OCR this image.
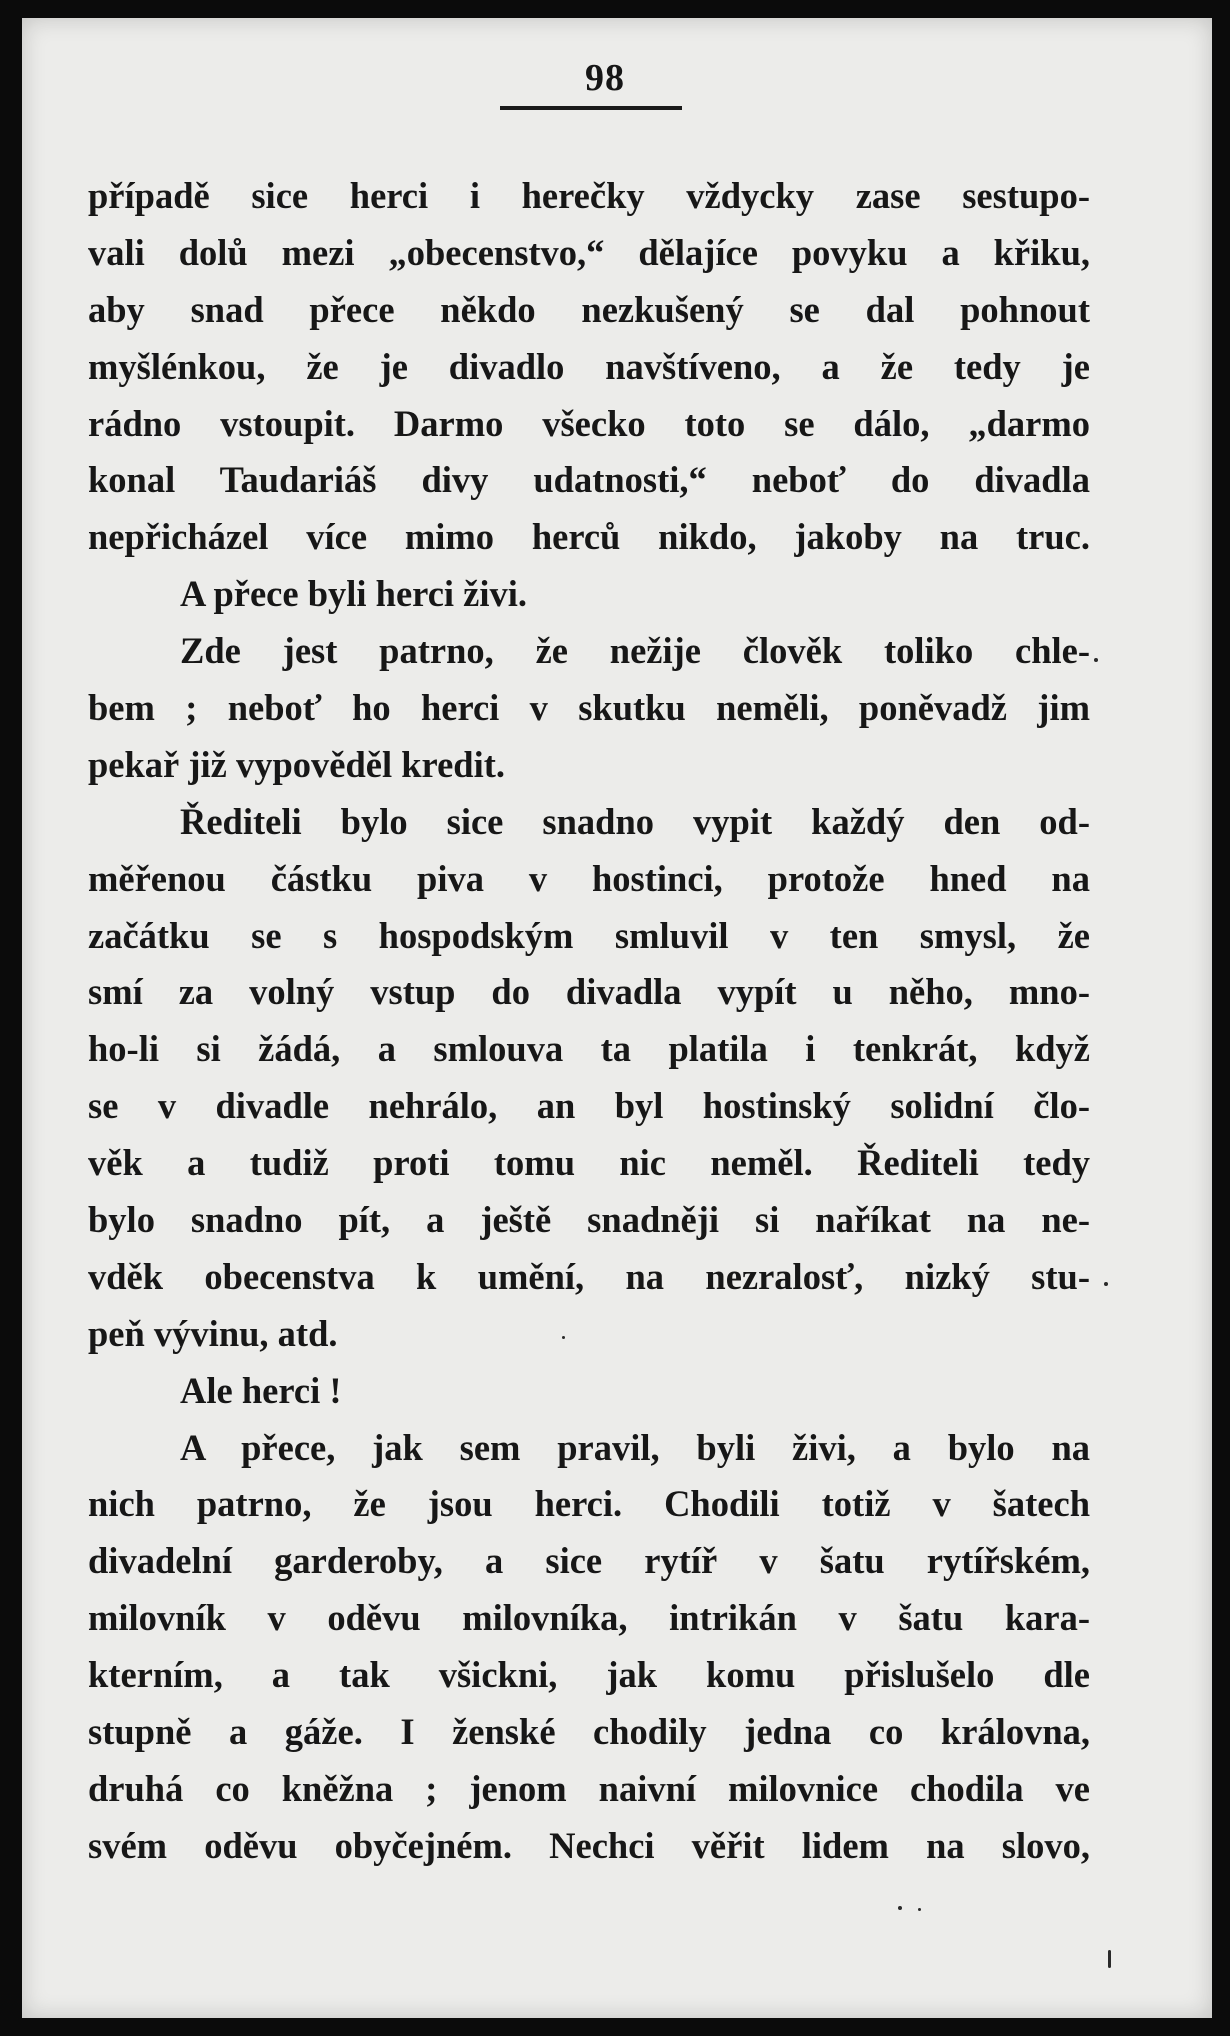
98
případě sice herci i herečky vždycky zase sestupo-
vali dolů mezi „obecenstvo,“ dělajíce povyku a křiku,
aby snad přece někdo nezkušený se dal pohnout
myšlénkou, že je divadlo navštíveno, a že tedy je
rádno vstoupit. Darmo všecko toto se dálo, „darmo
konal Taudariáš divy udatnosti,“ neboť do divadla
nepřicházel více mimo herců nikdo, jakoby na truc.
A přece byli herci živi.
Zde jest patrno, že nežije člověk toliko chle-
bem ; neboť ho herci v skutku neměli, poněvadž jim
pekař již vypověděl kredit.
Řediteli bylo sice snadno vypit každý den od-
měřenou částku piva v hostinci, protože hned na
začátku se s hospodským smluvil v ten smysl, že
smí za volný vstup do divadla vypít u něho, mno-
ho-li si žádá, a smlouva ta platila i tenkrát, když
se v divadle nehrálo, an byl hostinský solidní člo-
věk a tudiž proti tomu nic neměl. Řediteli tedy
bylo snadno pít, a ještě snadněji si naříkat na ne-
vděk obecenstva k umění, na nezralosť, nizký stu-
peň vývinu, atd.
Ale herci !
A přece, jak sem pravil, byli živi, a bylo na
nich patrno, že jsou herci. Chodili totiž v šatech
divadelní garderoby, a sice rytíř v šatu rytířském,
milovník v oděvu milovníka, intrikán v šatu kara-
kterním, a tak všickni, jak komu přislušelo dle
stupně a gáže. I ženské chodily jedna co královna,
druhá co kněžna ; jenom naivní milovnice chodila ve
svém oděvu obyčejném. Nechci věřit lidem na slovo,
